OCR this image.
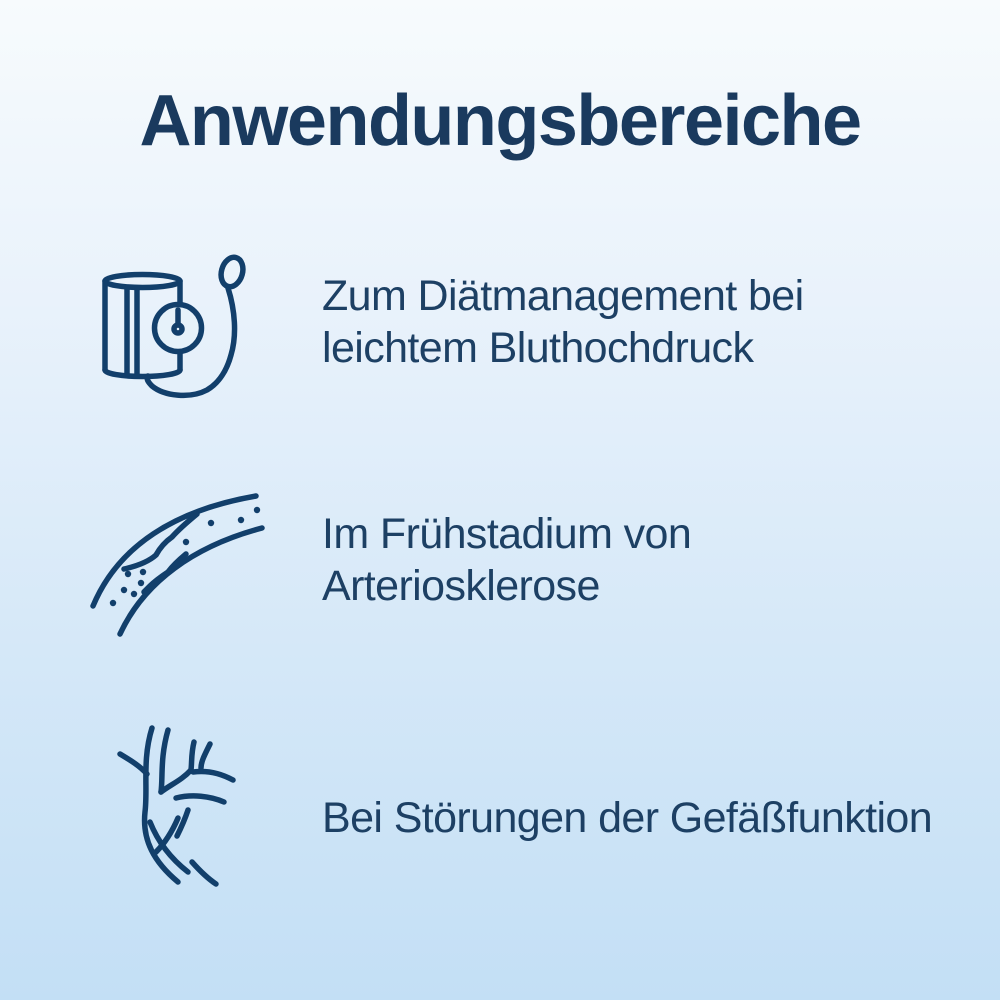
Anwendungsbereiche

Zum Diätmanagement bei
leichtem Bluthochdruck

Im Frühstadium von
Arteriosklerose

Bei Störungen der Gefäßfunktion
